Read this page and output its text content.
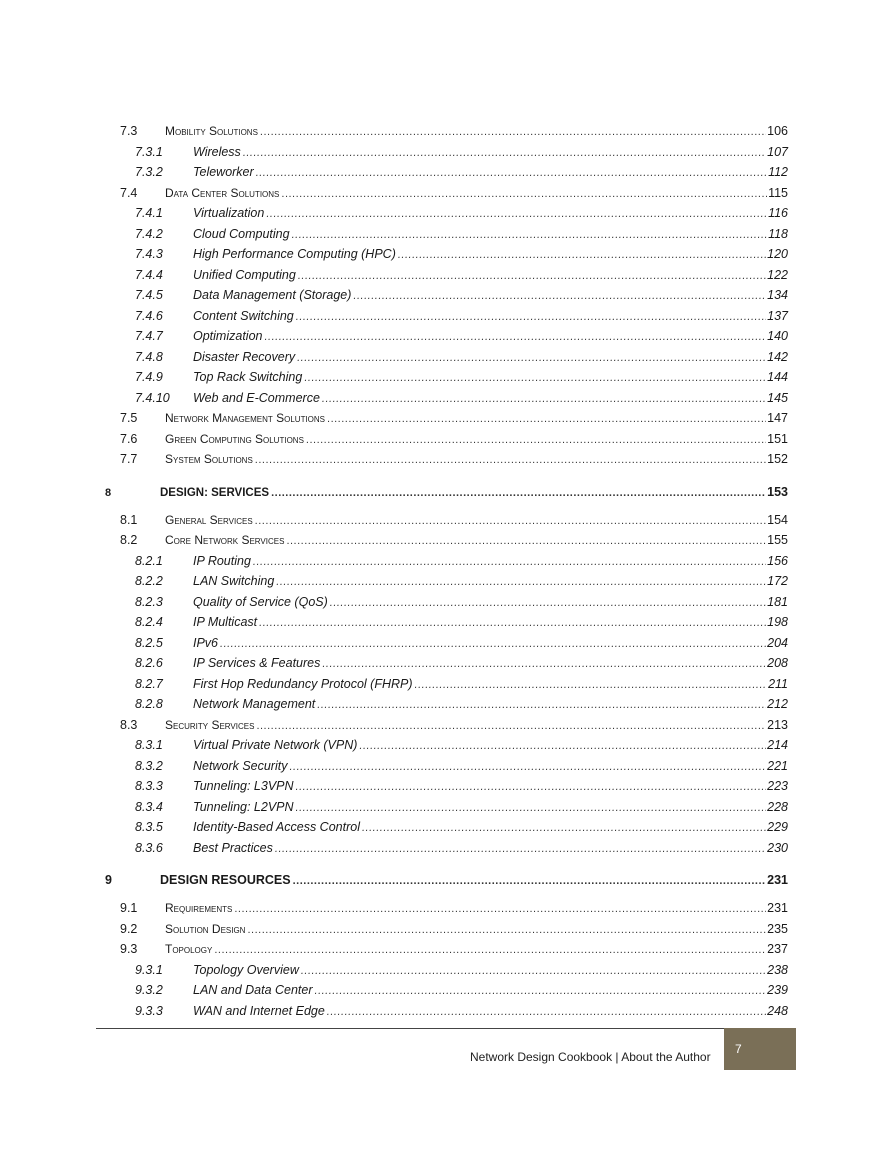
7.3	Mobility Solutions .....	106
7.3.1	Wireless .....	107
7.3.2	Teleworker .....	112
7.4	Data Center Solutions .....	115
7.4.1	Virtualization .....	116
7.4.2	Cloud Computing .....	118
7.4.3	High Performance Computing (HPC) .....	120
7.4.4	Unified Computing .....	122
7.4.5	Data Management (Storage) .....	134
7.4.6	Content Switching .....	137
7.4.7	Optimization .....	140
7.4.8	Disaster Recovery .....	142
7.4.9	Top Rack Switching .....	144
7.4.10	Web and E-Commerce .....	145
7.5	Network Management Solutions .....	147
7.6	Green Computing Solutions .....	151
7.7	System Solutions .....	152
8	DESIGN: SERVICES .....	153
8.1	General Services .....	154
8.2	Core Network Services .....	155
8.2.1	IP Routing .....	156
8.2.2	LAN Switching .....	172
8.2.3	Quality of Service (QoS) .....	181
8.2.4	IP Multicast .....	198
8.2.5	IPv6 .....	204
8.2.6	IP Services & Features .....	208
8.2.7	First Hop Redundancy Protocol (FHRP) .....	211
8.2.8	Network Management .....	212
8.3	Security Services .....	213
8.3.1	Virtual Private Network (VPN) .....	214
8.3.2	Network Security .....	221
8.3.3	Tunneling: L3VPN .....	223
8.3.4	Tunneling: L2VPN .....	228
8.3.5	Identity-Based Access Control .....	229
8.3.6	Best Practices .....	230
9	DESIGN RESOURCES .....	231
9.1	Requirements .....	231
9.2	Solution Design .....	235
9.3	Topology .....	237
9.3.1	Topology Overview .....	238
9.3.2	LAN and Data Center .....	239
9.3.3	WAN and Internet Edge .....	248
Network Design Cookbook | About the Author
7
